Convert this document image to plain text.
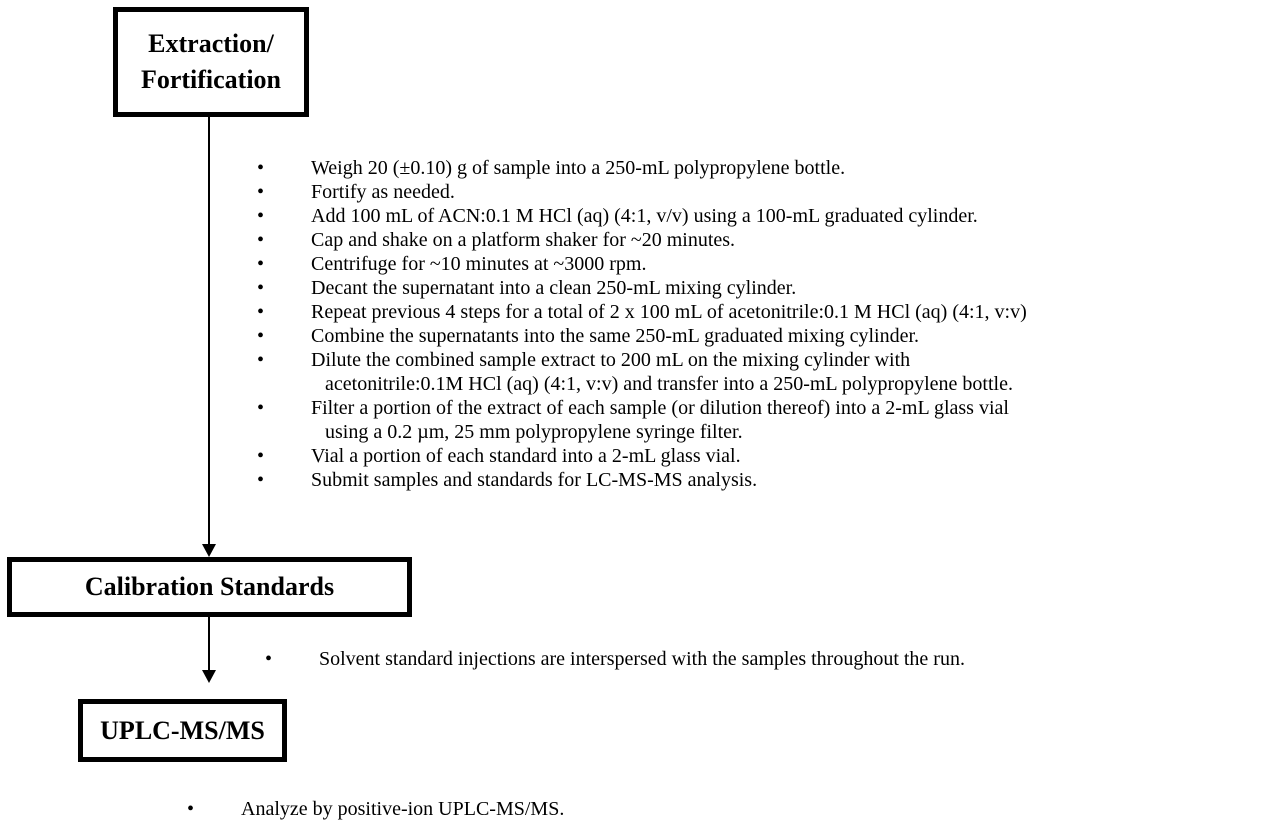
Extraction/
Fortification
• Weigh 20 (±0.10) g of sample into a 250-mL polypropylene bottle.
• Fortify as needed.
• Add 100 mL of ACN:0.1 M HCl (aq) (4:1, v/v) using a 100-mL graduated cylinder.
• Cap and shake on a platform shaker for ~20 minutes.
• Centrifuge for ~10 minutes at ~3000 rpm.
• Decant the supernatant into a clean 250-mL mixing cylinder.
• Repeat previous 4 steps for a total of 2 x 100 mL of acetonitrile:0.1 M HCl (aq) (4:1, v:v)
• Combine the supernatants into the same 250-mL graduated mixing cylinder.
• Dilute the combined sample extract to 200 mL on the mixing cylinder with
acetonitrile:0.1M HCl (aq) (4:1, v:v) and transfer into a 250-mL polypropylene bottle.
• Filter a portion of the extract of each sample (or dilution thereof) into a 2-mL glass vial
using a 0.2 µm, 25 mm polypropylene syringe filter.
• Vial a portion of each standard into a 2-mL glass vial.
• Submit samples and standards for LC-MS-MS analysis.
Calibration Standards
• Solvent standard injections are interspersed with the samples throughout the run.
UPLC-MS/MS
• Analyze by positive-ion UPLC-MS/MS.
